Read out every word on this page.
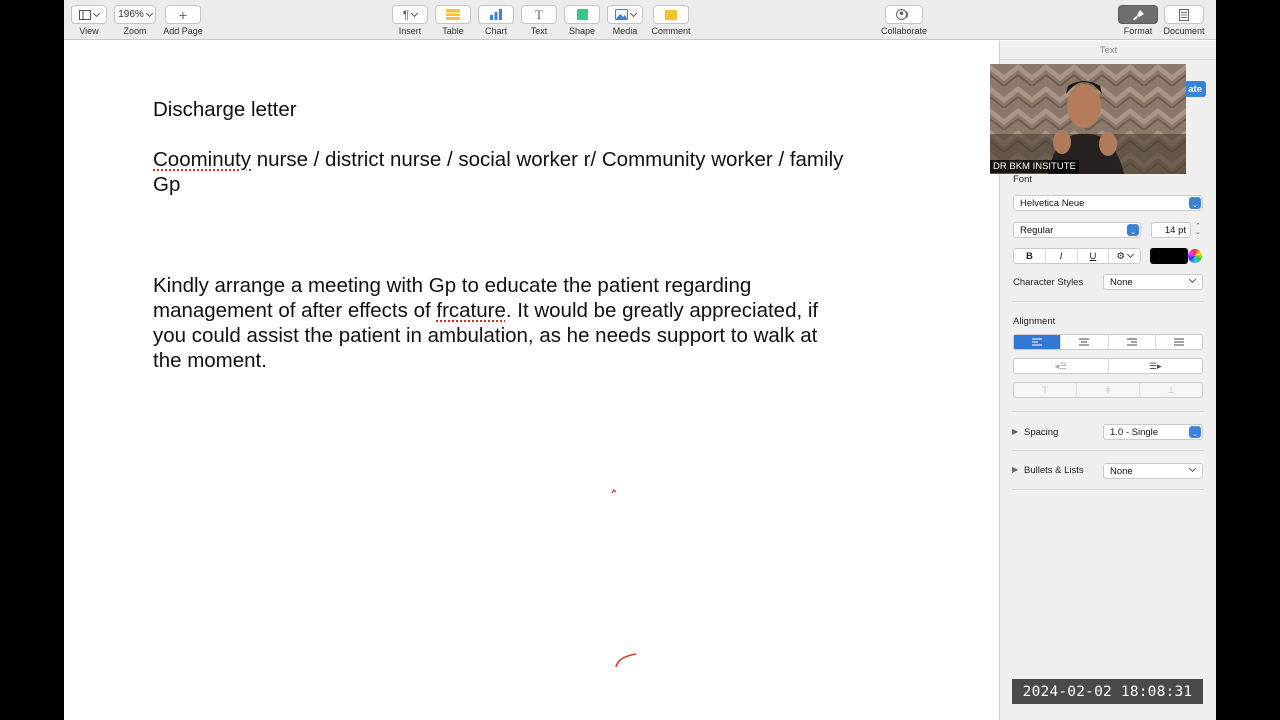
View
196%
Zoom
+
Add Page
¶
Insert	Table	Chart
T
Text	Shape	Media	Comment	Collaborate	Format	Document
Discharge letter
Coominuty nurse / district nurse / social worker r/ Community worker / family
Gp
Kindly arrange a meeting with Gp to educate the patient regarding
management of after effects of frcature. It would be greatly appreciated, if
you could assist the patient in ambulation, as he needs support to walk at
the moment.
Text
ate
Font
Helvetica Neue	⌃
⌄
Regular	⌃
⌄	14 pt ⌃
⌄
B	I	U ⚙
Character Styles	None
Alignment
◂☰	☰▸
⊤	⫩	⊥
▶ Spacing	1.0 - Single	⌃
⌄
▶ Bullets & Lists	None
DR BKM INSITUTE
2024-02-02 18:08:31
